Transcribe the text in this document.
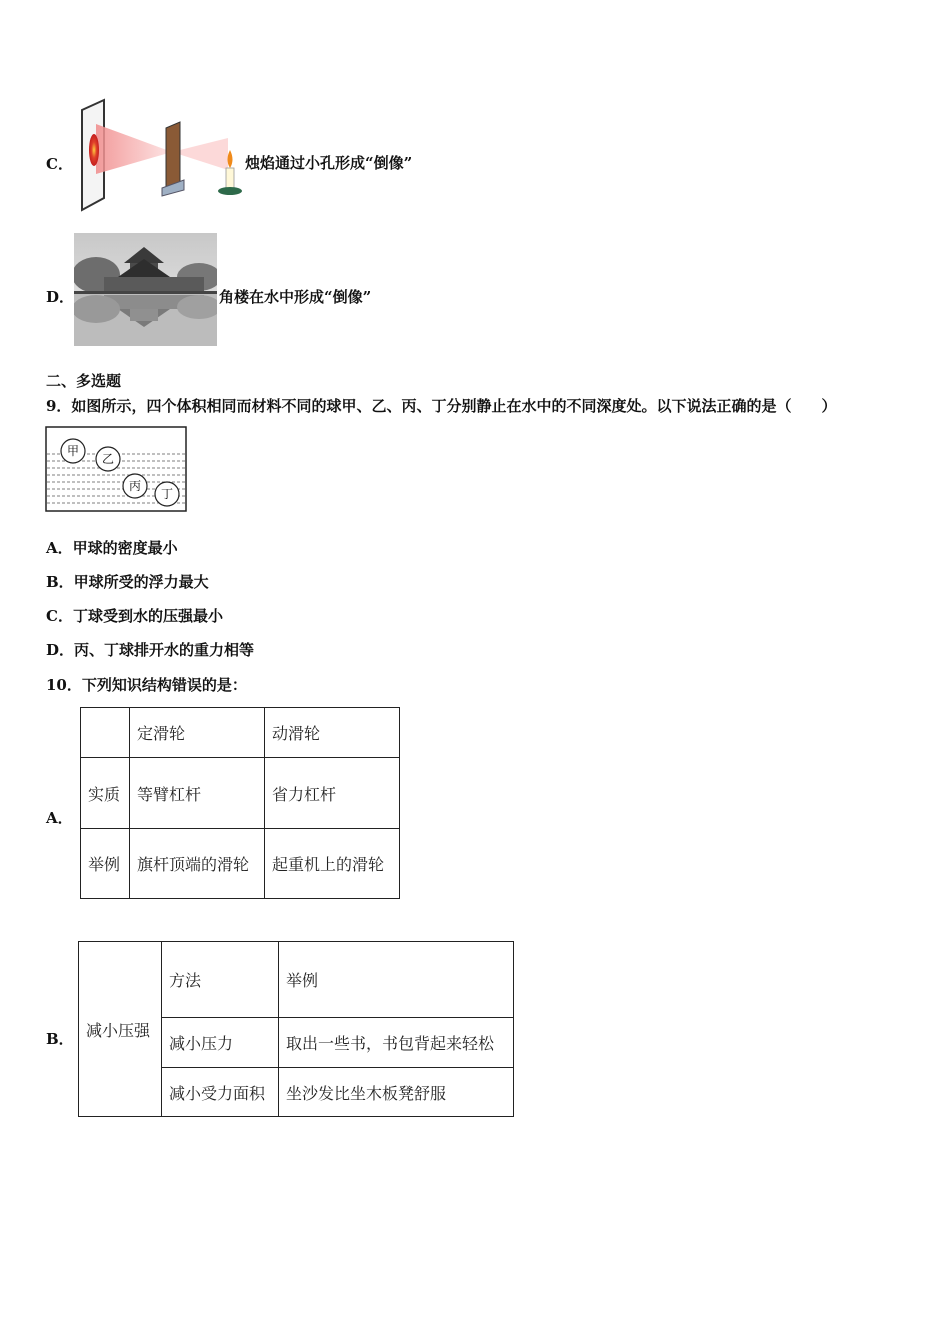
C．	烛焰通过小孔形成“倒像”
D．	角楼在水中形成“倒像”
二、多选题
9．如图所示，四个体积相同而材料不同的球甲、乙、丙、丁分别静止在水中的不同深度处。以下说法正确的是（　　）
甲
乙
丙
丁
A．甲球的密度最小
B．甲球所受的浮力最大
C．丁球受到水的压强最小
D．丙、丁球排开水的重力相等
10．下列知识结构错误的是：
A．
	定滑轮	动滑轮
实质	等臂杠杆	省力杠杆
举例	旗杆顶端的滑轮	起重机上的滑轮
B． 减小压强	方法	举例
	减小压力	取出一些书，书包背起来轻松
	减小受力面积	坐沙发比坐木板凳舒服
